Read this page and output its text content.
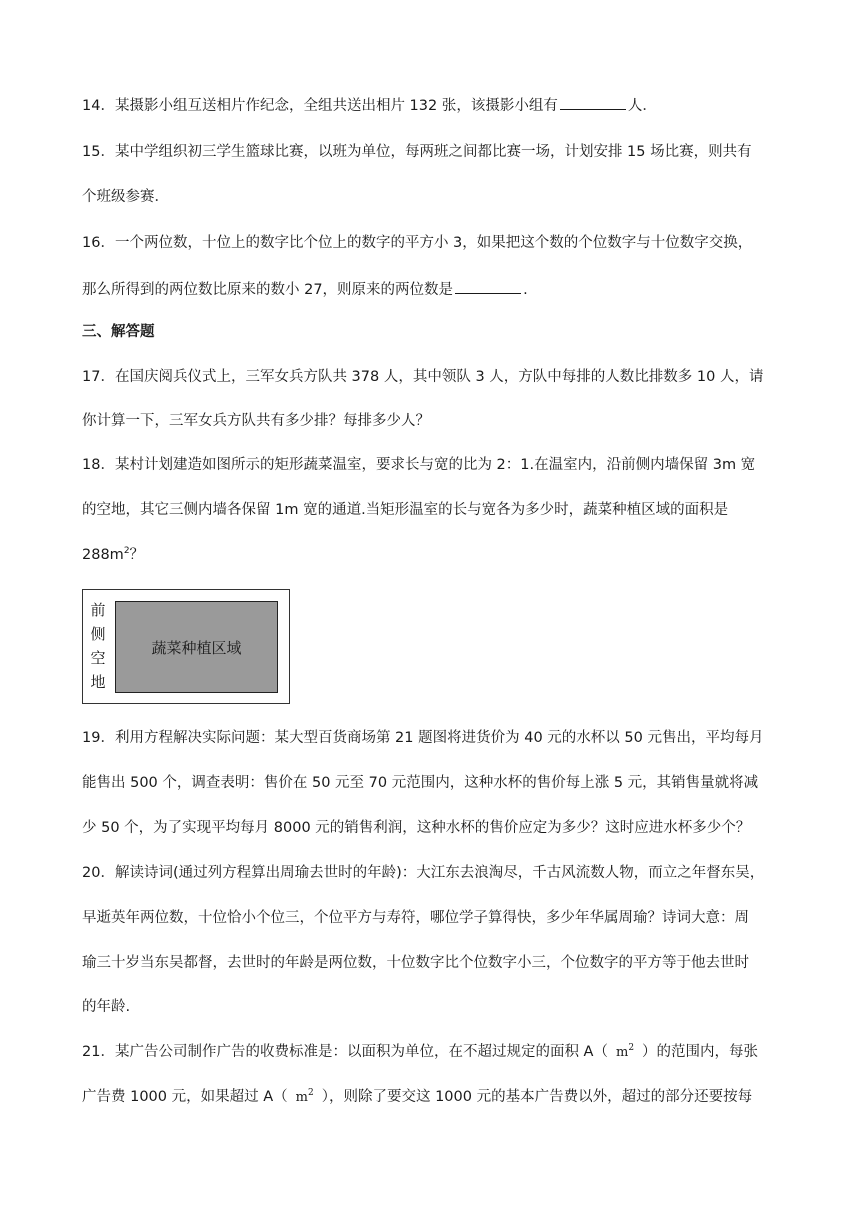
14．某摄影小组互送相片作纪念，全组共送出相片 132 张，该摄影小组有	人．
15．某中学组织初三学生篮球比赛，以班为单位，每两班之间都比赛一场，计划安排 15 场比赛，则共有
个班级参赛．
16．一个两位数，十位上的数字比个位上的数字的平方小 3，如果把这个数的个位数字与十位数字交换，
那么所得到的两位数比原来的数小 27，则原来的两位数是	.
三、解答题
17．在国庆阅兵仪式上，三军女兵方队共 378 人，其中领队 3 人，方队中每排的人数比排数多 10 人，请
你计算一下，三军女兵方队共有多少排？每排多少人？
18．某村计划建造如图所示的矩形蔬菜温室，要求长与宽的比为 2：1.在温室内，沿前侧内墙保留 3m 宽
的空地，其它三侧内墙各保留 1m 宽的通道.当矩形温室的长与宽各为多少时，蔬菜种植区域的面积是
$288m^2$？
前
侧
空
地
蔬菜种植区域
19．利用方程解决实际问题：某大型百货商场第 21 题图将进货价为 40 元的水杯以 50 元售出，平均每月
能售出 500 个，调查表明：售价在 50 元至 70 元范围内，这种水杯的售价每上涨 5 元，其销售量就将减
少 50 个，为了实现平均每月 8000 元的销售利润，这种水杯的售价应定为多少？这时应进水杯多少个？
20．解读诗词(通过列方程算出周瑜去世时的年龄)：大江东去浪淘尽，千古风流数人物，而立之年督东吴，
早逝英年两位数，十位恰小个位三，个位平方与寿符，哪位学子算得快，多少年华属周瑜？诗词大意：周
瑜三十岁当东吴都督，去世时的年龄是两位数，十位数字比个位数字小三，个位数字的平方等于他去世时
的年龄.
21．某广告公司制作广告的收费标准是：以面积为单位，在不超过规定的面积 A（ $m^2$ ）的范围内，每张
广告费 1000 元，如果超过 A（ $m^2$ ），则除了要交这 1000 元的基本广告费以外，超过的部分还要按每
